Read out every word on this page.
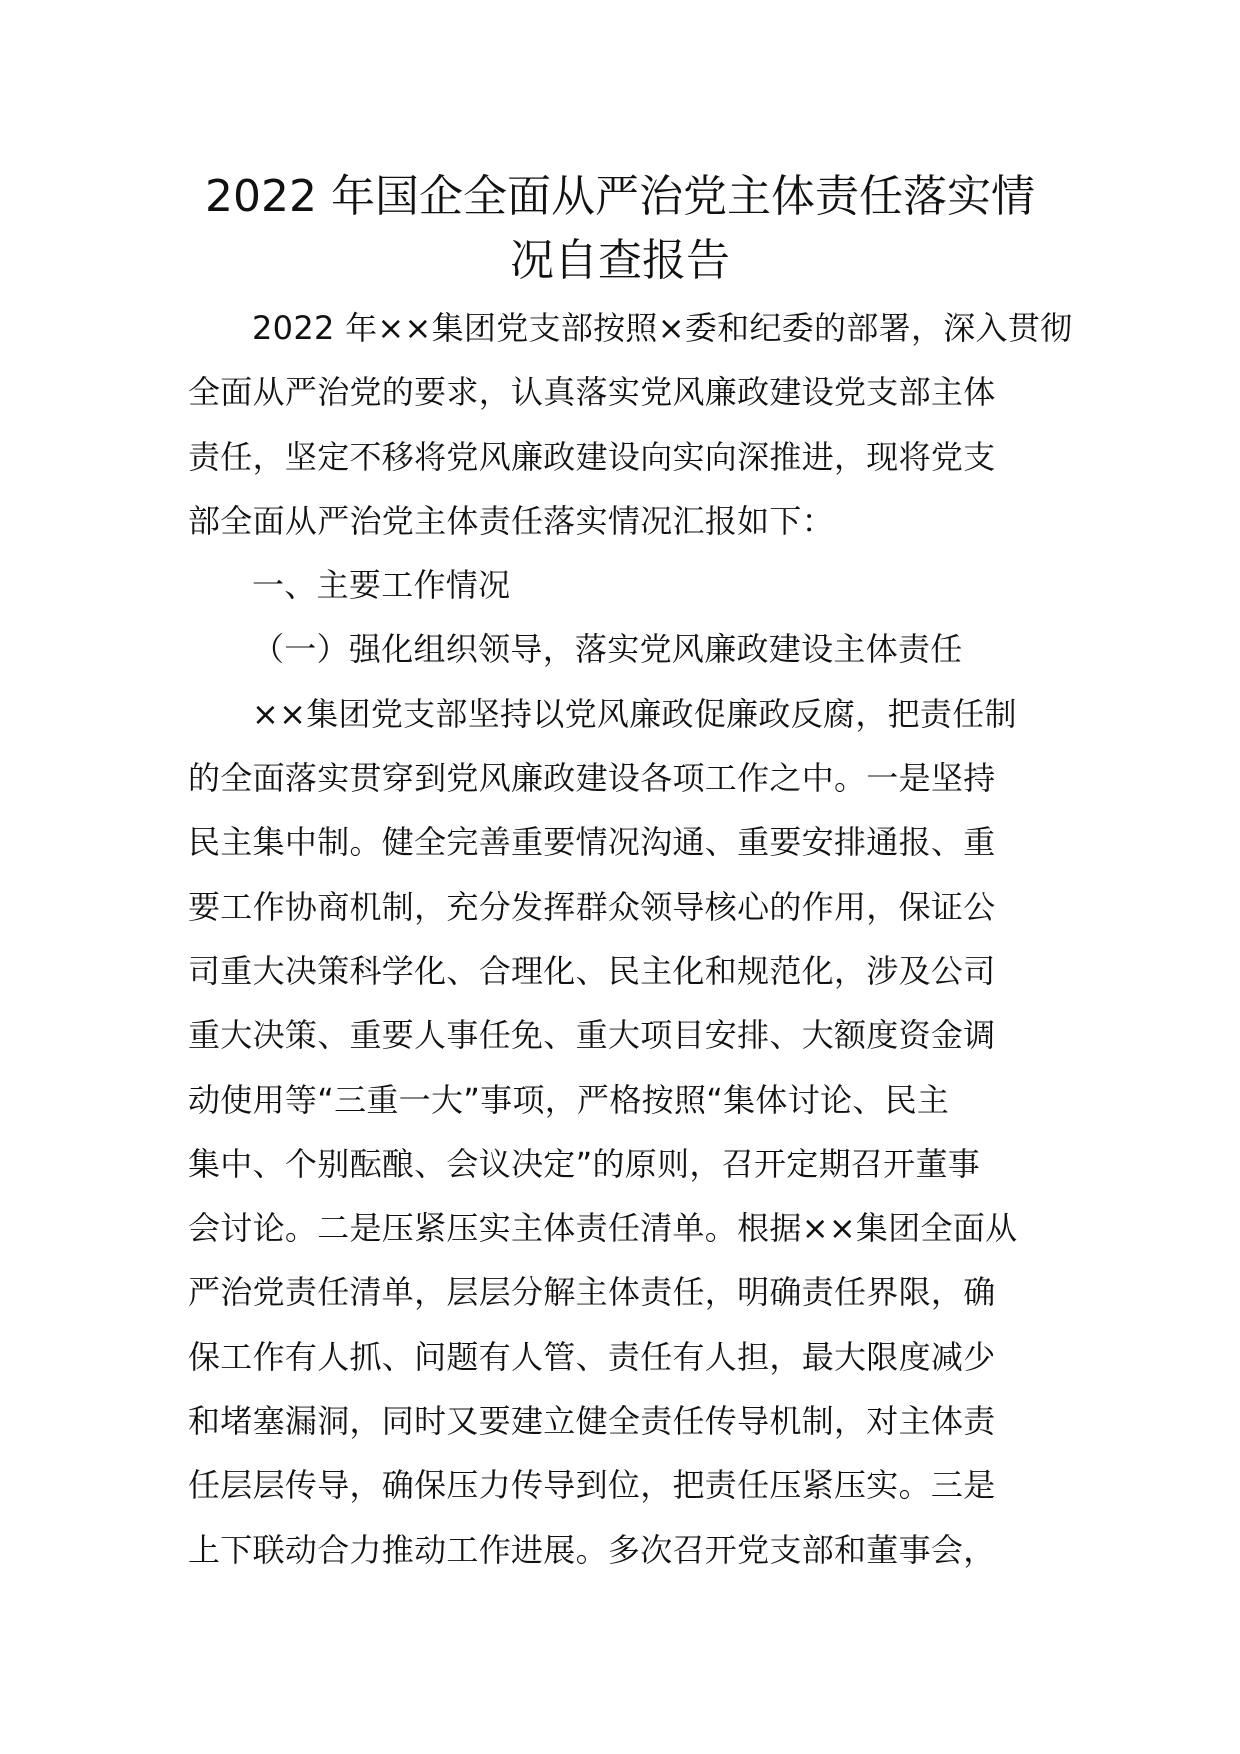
2022 年国企全面从严治党主体责任落实情
况自查报告
2022 年××集团党支部按照×委和纪委的部署，深入贯彻
全面从严治党的要求，认真落实党风廉政建设党支部主体
责任，坚定不移将党风廉政建设向实向深推进，现将党支
部全面从严治党主体责任落实情况汇报如下：
一、主要工作情况
（一）强化组织领导，落实党风廉政建设主体责任
××集团党支部坚持以党风廉政促廉政反腐，把责任制
的全面落实贯穿到党风廉政建设各项工作之中。一是坚持
民主集中制。健全完善重要情况沟通、重要安排通报、重
要工作协商机制，充分发挥群众领导核心的作用，保证公
司重大决策科学化、合理化、民主化和规范化，涉及公司
重大决策、重要人事任免、重大项目安排、大额度资金调
动使用等“三重一大”事项，严格按照“集体讨论、民主
集中、个别酝酿、会议决定”的原则，召开定期召开董事
会讨论。二是压紧压实主体责任清单。根据××集团全面从
严治党责任清单，层层分解主体责任，明确责任界限，确
保工作有人抓、问题有人管、责任有人担，最大限度减少
和堵塞漏洞，同时又要建立健全责任传导机制，对主体责
任层层传导，确保压力传导到位，把责任压紧压实。三是
上下联动合力推动工作进展。多次召开党支部和董事会，
